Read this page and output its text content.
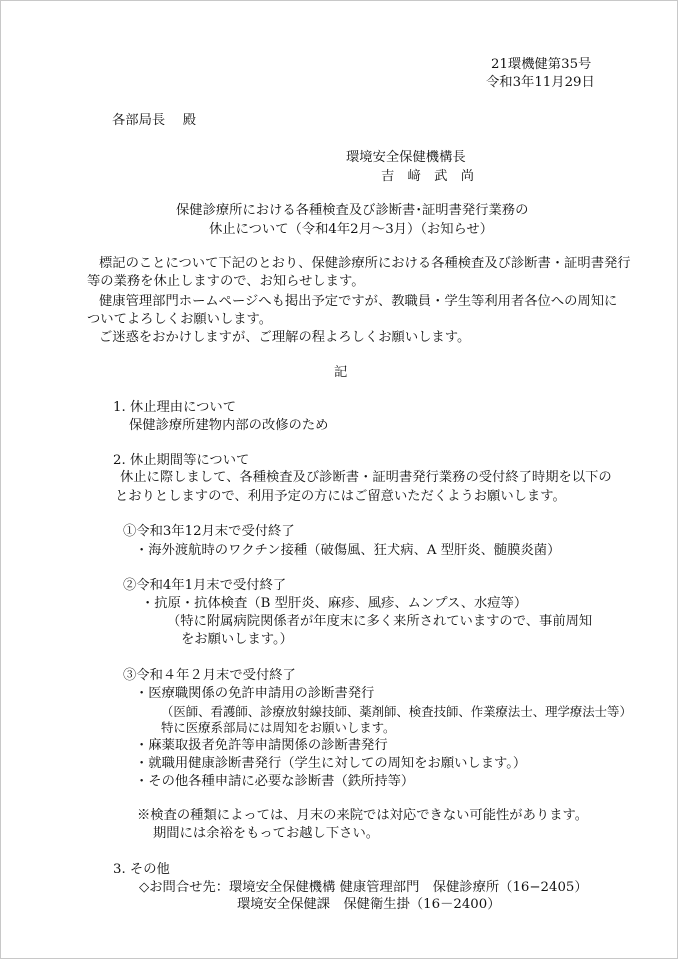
21環機健第35号
令和3年11月29日
各部局長　 殿
環境安全保健機構長
吉　﨑　武　尚
保健診療所における各種検査及び診断書･証明書発行業務の
休止について（令和4年2月～3月）（お知らせ）
標記のことについて下記のとおり、保健診療所における各種検査及び診断書・証明書発行
等の業務を休止しますので、お知らせします。
健康管理部門ホームページへも掲出予定ですが、教職員・学生等利用者各位への周知に
ついてよろしくお願いします。
ご迷惑をおかけしますが、ご理解の程よろしくお願いします。
記
1. 休止理由について
保健診療所建物内部の改修のため
2. 休止期間等について
休止に際しまして、各種検査及び診断書・証明書発行業務の受付終了時期を以下の
とおりとしますので、利用予定の方にはご留意いただくようお願いします。
①令和3年12月末で受付終了
・海外渡航時のワクチン接種（破傷風、狂犬病、A 型肝炎、髄膜炎菌）
②令和4年1月末で受付終了
・抗原・抗体検査（B 型肝炎、麻疹、風疹、ムンプス、水痘等）
（特に附属病院関係者が年度末に多く来所されていますので、事前周知
をお願いします。）
③令和４年２月末で受付終了
・医療職関係の免許申請用の診断書発行
（医師、看護師、診療放射線技師、薬剤師、検査技師、作業療法士、理学療法士等）
特に医療系部局には周知をお願いします。
・麻薬取扱者免許等申請関係の診断書発行
・就職用健康診断書発行（学生に対しての周知をお願いします。）
・その他各種申請に必要な診断書（鉄所持等）
※検査の種類によっては、月末の来院では対応できない可能性があります。
期間には余裕をもってお越し下さい。
3. その他
◇お問合せ先：環境安全保健機構 健康管理部門　保健診療所（16−2405）
環境安全保健課　保健衛生掛（16－2400）
